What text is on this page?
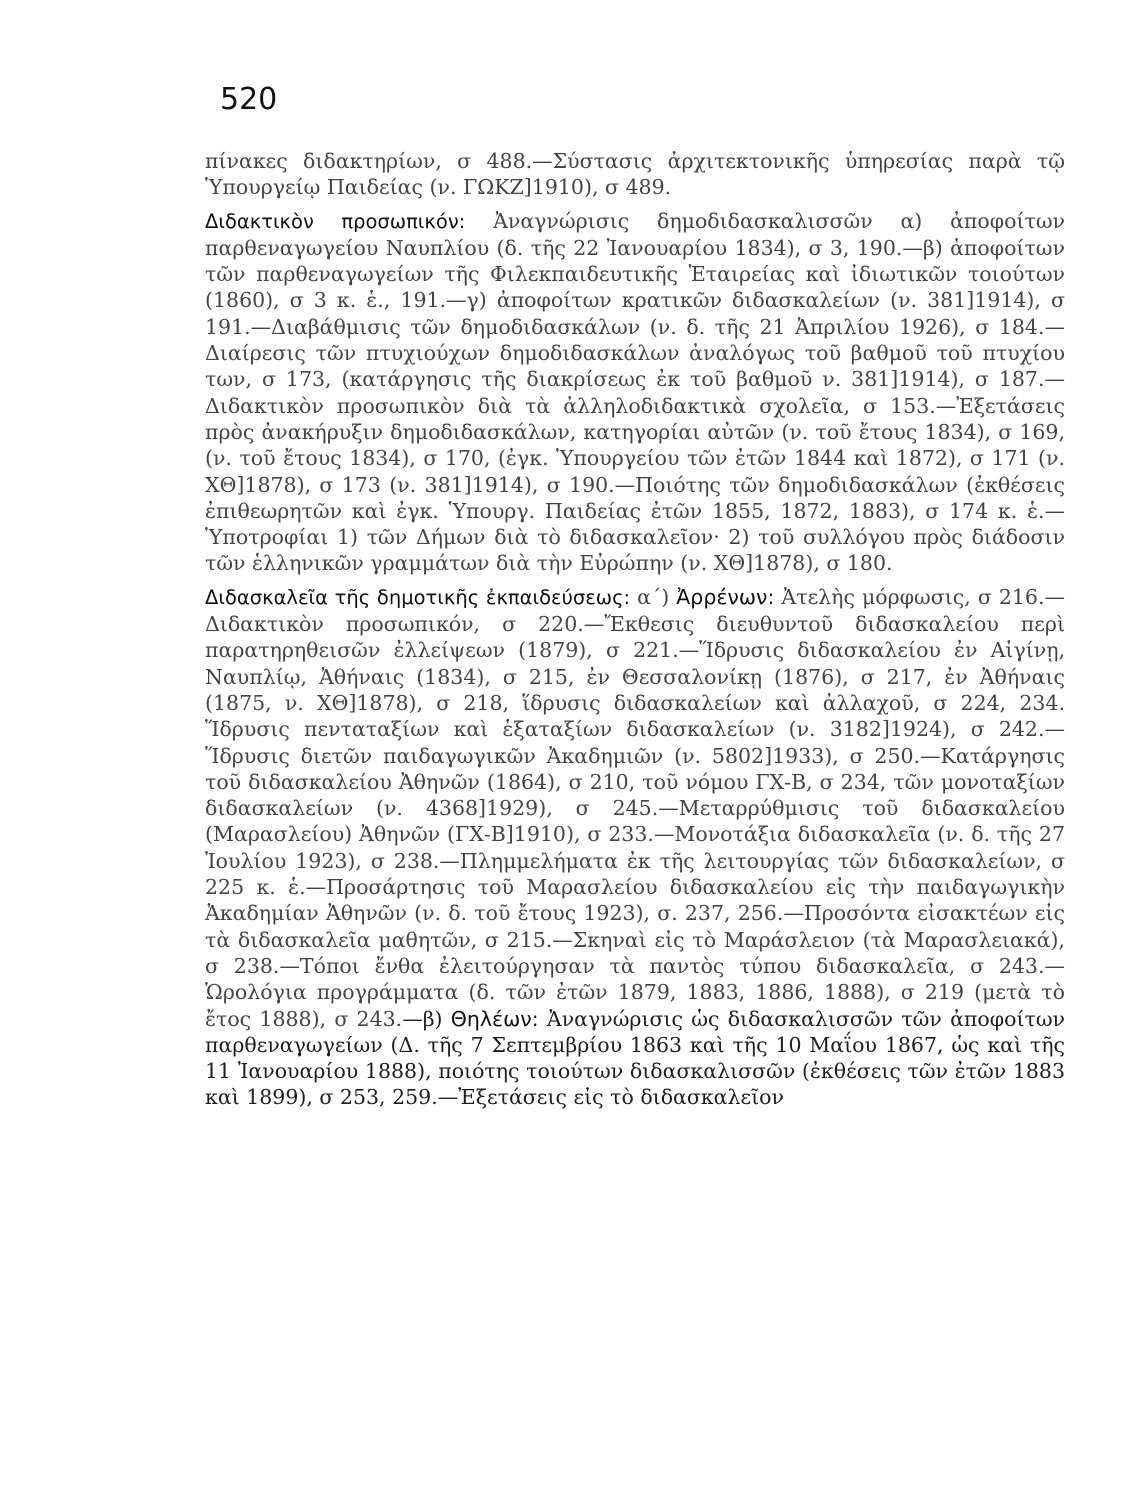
520

πίνακες διδακτηρίων, σ 488.—Σύστασις ἀρχιτεκτονικῆς ὑπηρεσίας παρὰ τῷ Ὑπουργείῳ Παιδείας (ν. ΓΩΚΖ]1910), σ 489.

Διδακτικὸν προσωπικόν: Ἀναγνώρισις δημοδιδασκαλισσῶν α) ἀποφοίτων παρθεναγωγείου Ναυπλίου (δ. τῆς 22 Ἰανουαρίου 1834), σ 3, 190.—β) ἀποφοίτων τῶν παρθεναγωγείων τῆς Φιλεκπαιδευτικῆς Ἑταιρείας καὶ ἰδιωτικῶν τοιούτων (1860), σ 3 κ. ἑ., 191.—γ) ἀποφοίτων κρατικῶν διδασκαλείων (ν. 381]1914), σ 191.—Διαβάθμισις τῶν δημοδιδασκάλων (ν. δ. τῆς 21 Ἀπριλίου 1926), σ 184.—Διαίρεσις τῶν πτυχιούχων δημοδιδασκάλων ἀναλόγως τοῦ βαθμοῦ τοῦ πτυχίου των, σ 173, (κατάργησις τῆς διακρίσεως ἐκ τοῦ βαθμοῦ ν. 381]1914), σ 187.—Διδακτικὸν προσωπικὸν διὰ τὰ ἀλληλοδιδακτικὰ σχολεῖα, σ 153.—Ἐξετάσεις πρὸς ἀνακήρυξιν δημοδιδασκάλων, κατηγορίαι αὐτῶν (ν. τοῦ ἔτους 1834), σ 169, (ν. τοῦ ἔτους 1834), σ 170, (ἐγκ. Ὑπουργείου τῶν ἐτῶν 1844 καὶ 1872), σ 171 (ν. ΧΘ]1878), σ 173 (ν. 381]1914), σ 190.—Ποιότης τῶν δημοδιδασκάλων (ἐκθέσεις ἐπιθεωρητῶν καὶ ἐγκ. Ὑπουργ. Παιδείας ἐτῶν 1855, 1872, 1883), σ 174 κ. ἑ.—Ὑποτροφίαι 1) τῶν Δήμων διὰ τὸ διδασκαλεῖον· 2) τοῦ συλλόγου πρὸς διάδοσιν τῶν ἑλληνικῶν γραμμάτων διὰ τὴν Εὐρώπην (ν. ΧΘ]1878), σ 180.

Διδασκαλεῖα τῆς δημοτικῆς ἐκπαιδεύσεως: α΄) Ἀρρένων: Ἀτελὴς μόρφωσις, σ 216.—Διδακτικὸν προσωπικόν, σ 220.—Ἔκθεσις διευθυντοῦ διδασκαλείου περὶ παρατηρηθεισῶν ἐλλείψεων (1879), σ 221.—Ἵδρυσις διδασκαλείου ἐν Αἰγίνῃ, Ναυπλίῳ, Ἀθήναις (1834), σ 215, ἐν Θεσσαλονίκῃ (1876), σ 217, ἐν Ἀθήναις (1875, ν. ΧΘ]1878), σ 218, ἵδρυσις διδασκαλείων καὶ ἀλλαχοῦ, σ 224, 234. Ἵδρυσις πενταταξίων καὶ ἑξαταξίων διδασκαλείων (ν. 3182]1924), σ 242.—Ἵδρυσις διετῶν παιδαγωγικῶν Ἀκαδημιῶν (ν. 5802]1933), σ 250.—Κατάργησις τοῦ διδασκαλείου Ἀθηνῶν (1864), σ 210, τοῦ νόμου ΓΧ-Β, σ 234, τῶν μονοταξίων διδασκαλείων (ν. 4368]1929), σ 245.—Μεταρρύθμισις τοῦ διδασκαλείου (Μαρασλείου) Ἀθηνῶν (ΓΧ-Β]1910), σ 233.—Μονοτάξια διδασκαλεῖα (ν. δ. τῆς 27 Ἰουλίου 1923), σ 238.—Πλημμελήματα ἐκ τῆς λειτουργίας τῶν διδασκαλείων, σ 225 κ. ἑ.—Προσάρτησις τοῦ Μαρασλείου διδασκαλείου εἰς τὴν παιδαγωγικὴν Ἀκαδημίαν Ἀθηνῶν (ν. δ. τοῦ ἔτους 1923), σ. 237, 256.—Προσόντα εἰσακτέων εἰς τὰ διδασκαλεῖα μαθητῶν, σ 215.—Σκηναὶ εἰς τὸ Μαράσλειον (τὰ Μαρασλειακά), σ 238.—Τόποι ἔνθα ἐλειτούργησαν τὰ παντὸς τύπου διδασκαλεῖα, σ 243.—Ὡρολόγια προγράμματα (δ. τῶν ἐτῶν 1879, 1883, 1886, 1888), σ 219 (μετὰ τὸ ἔτος 1888), σ 243.—β) Θηλέων: Ἀναγνώρισις ὡς διδασκαλισσῶν τῶν ἀποφοίτων παρθεναγωγείων (Δ. τῆς 7 Σεπτεμβρίου 1863 καὶ τῆς 10 Μαΐου 1867, ὡς καὶ τῆς 11 Ἰανουαρίου 1888), ποιότης τοιούτων διδασκαλισσῶν (ἐκθέσεις τῶν ἐτῶν 1883 καὶ 1899), σ 253, 259.—Ἐξετάσεις εἰς τὸ διδασκαλεῖον
